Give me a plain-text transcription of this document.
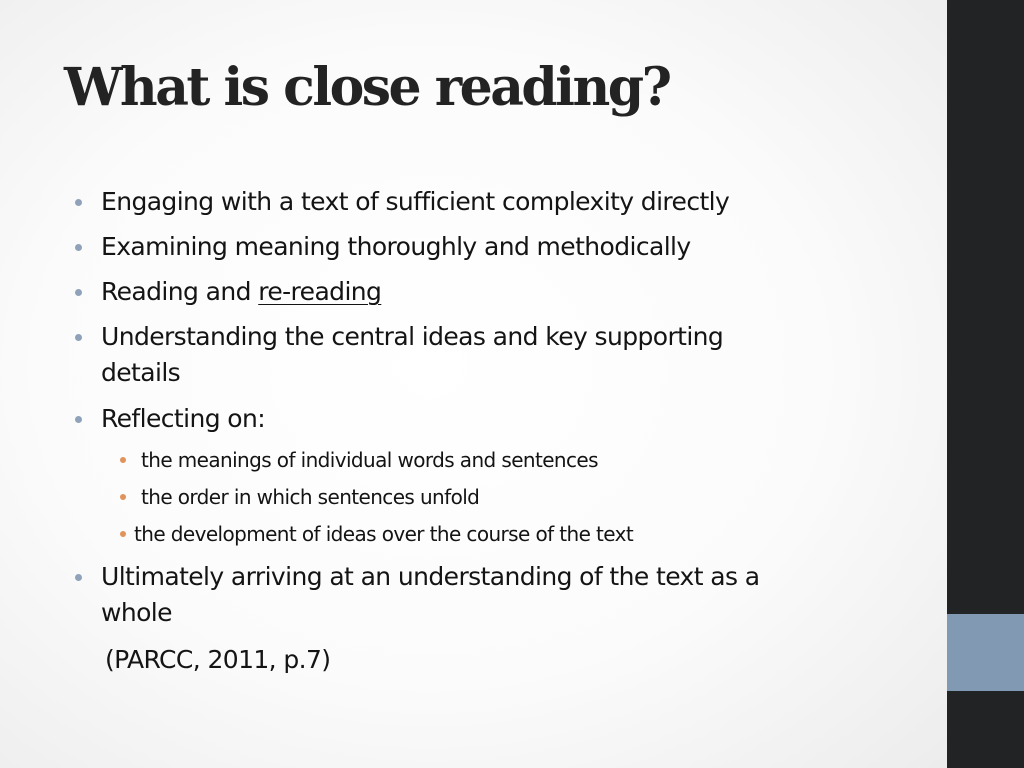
What is close reading?
Engaging with a text of sufficient complexity directly
Examining meaning thoroughly and methodically
Reading and re-reading
Understanding the central ideas and key supporting
details
Reflecting on:
the meanings of individual words and sentences
the order in which sentences unfold
the development of ideas over the course of the text
Ultimately arriving at an understanding of the text as a
whole
(PARCC, 2011, p.7)
